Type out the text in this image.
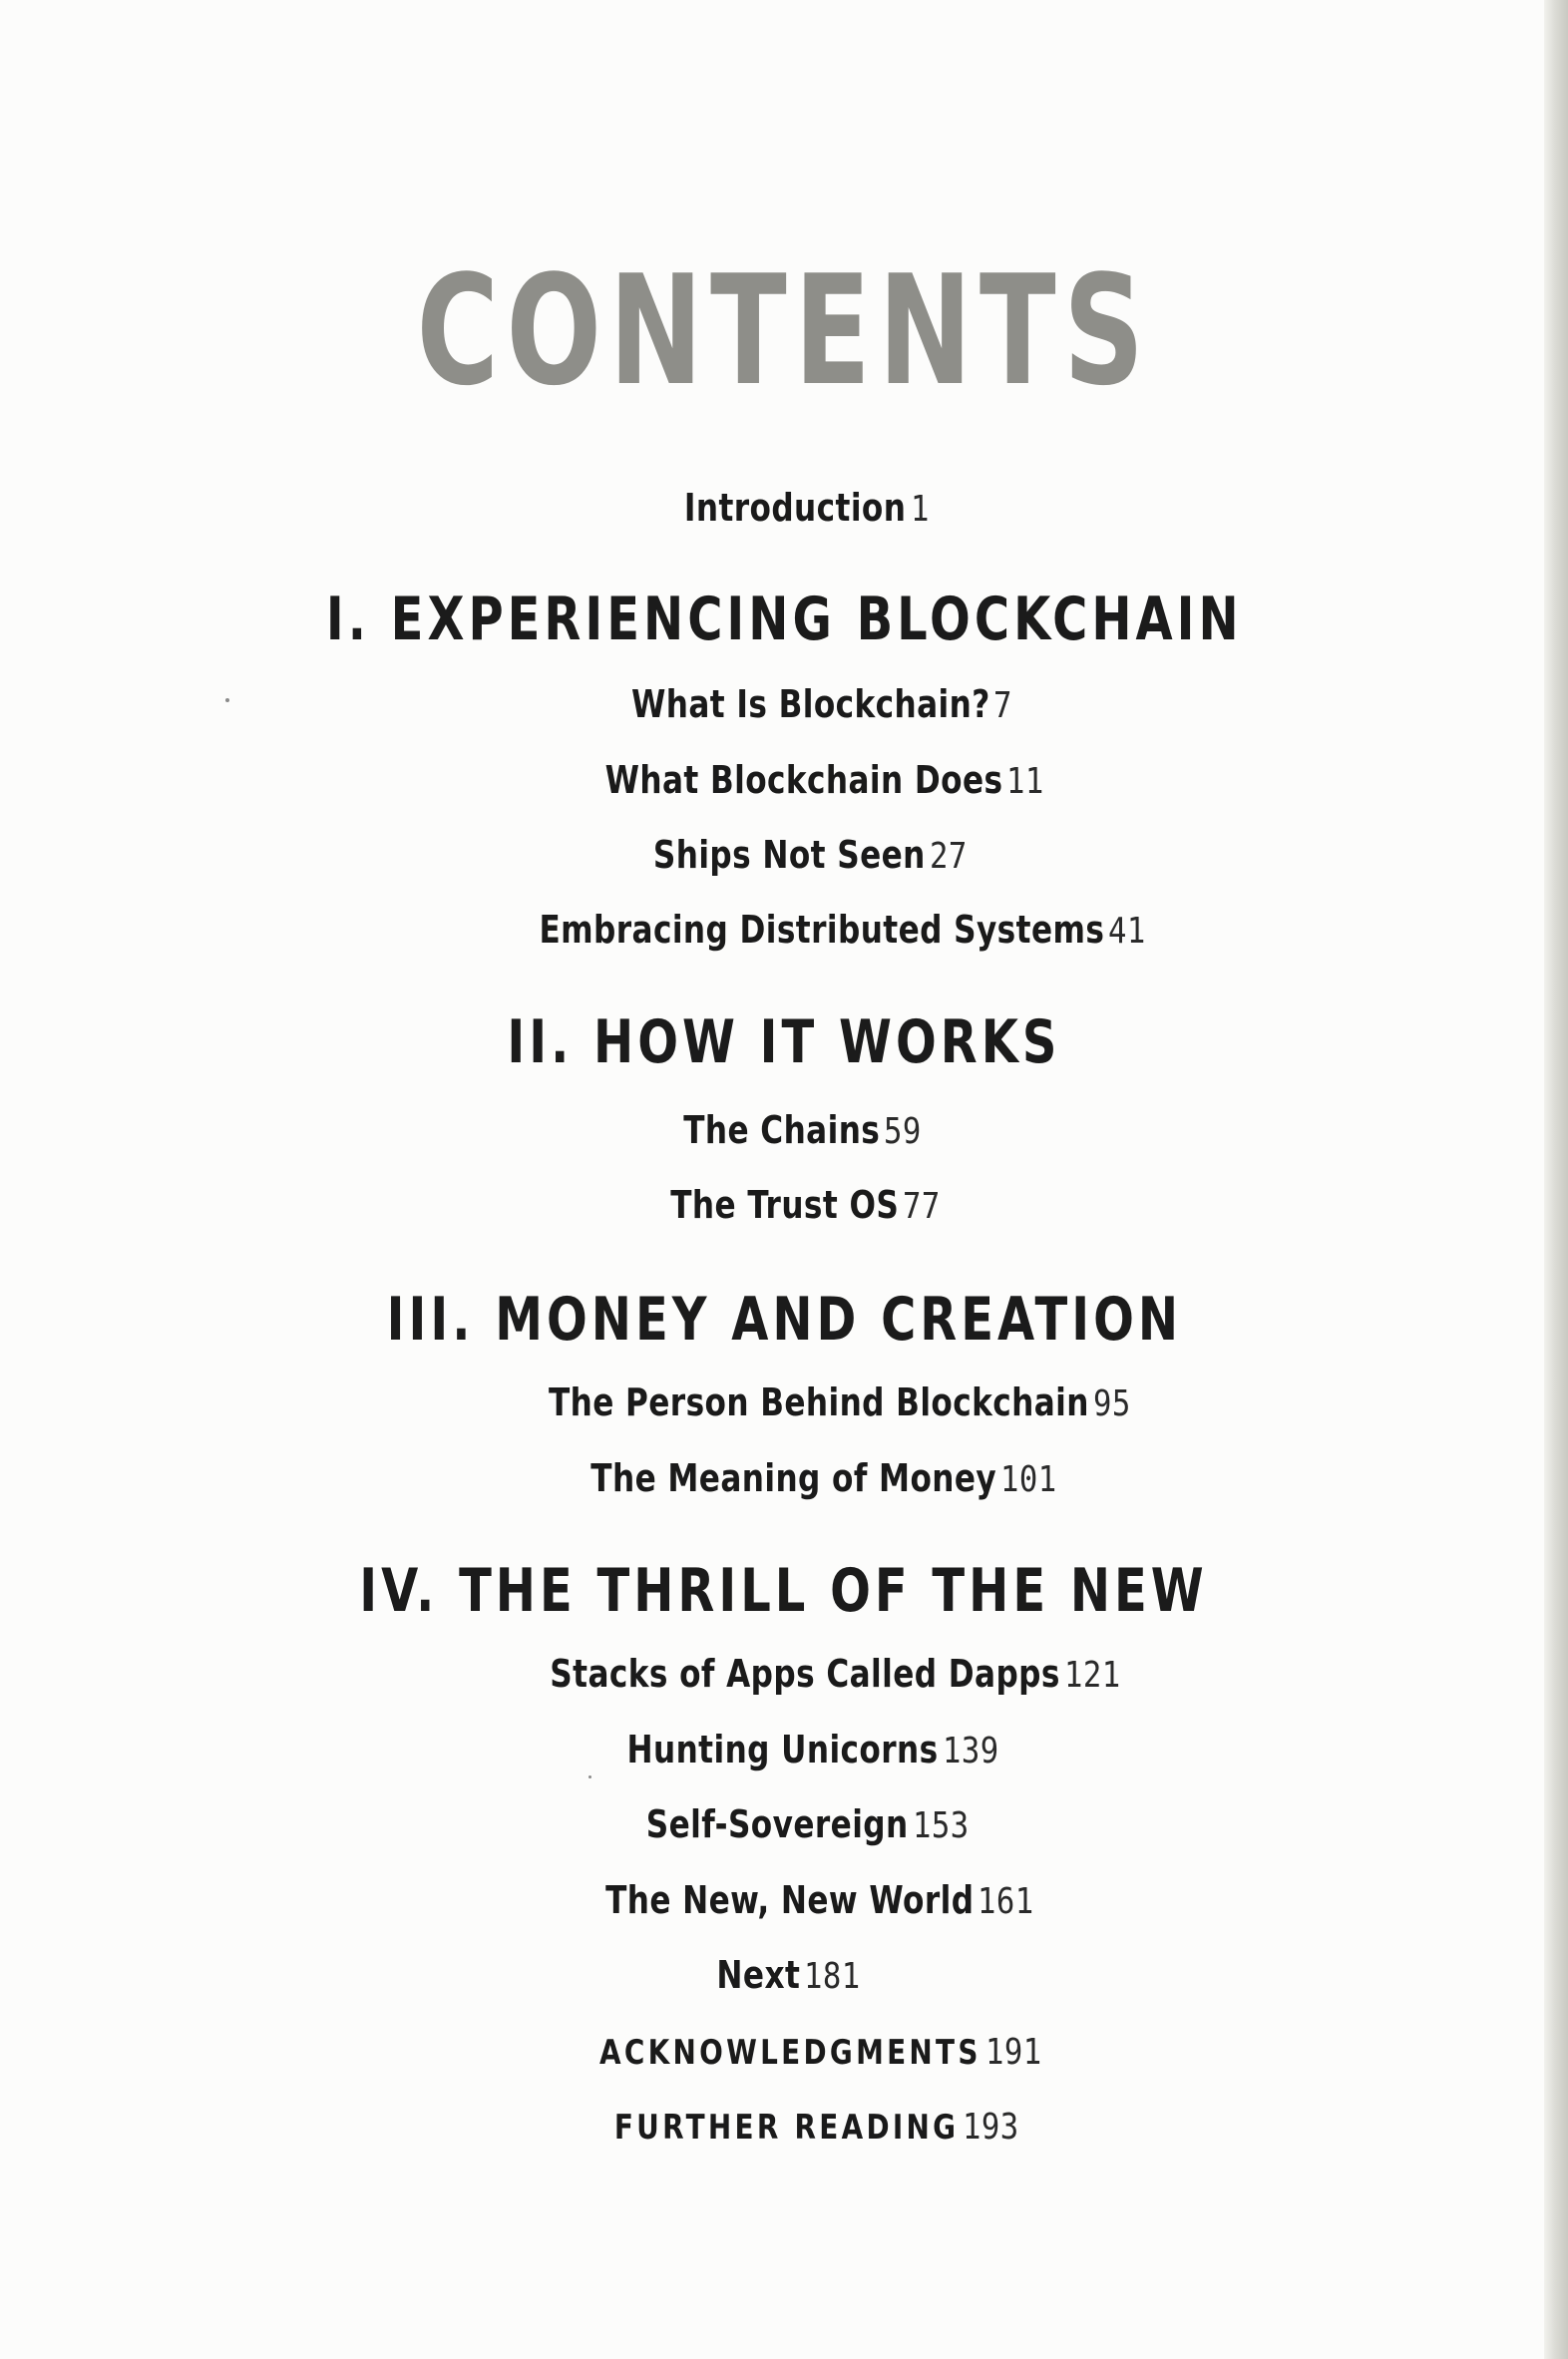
CONTENTS
Introduction 1
I. EXPERIENCING BLOCKCHAIN
What Is Blockchain? 7
What Blockchain Does 11
Ships Not Seen 27
Embracing Distributed Systems 41
II. HOW IT WORKS
The Chains 59
The Trust OS 77
III. MONEY AND CREATION
The Person Behind Blockchain 95
The Meaning of Money 101
IV. THE THRILL OF THE NEW
Stacks of Apps Called Dapps 121
Hunting Unicorns 139
Self-Sovereign 153
The New, New World 161
Next 181
ACKNOWLEDGMENTS 191
FURTHER READING 193
